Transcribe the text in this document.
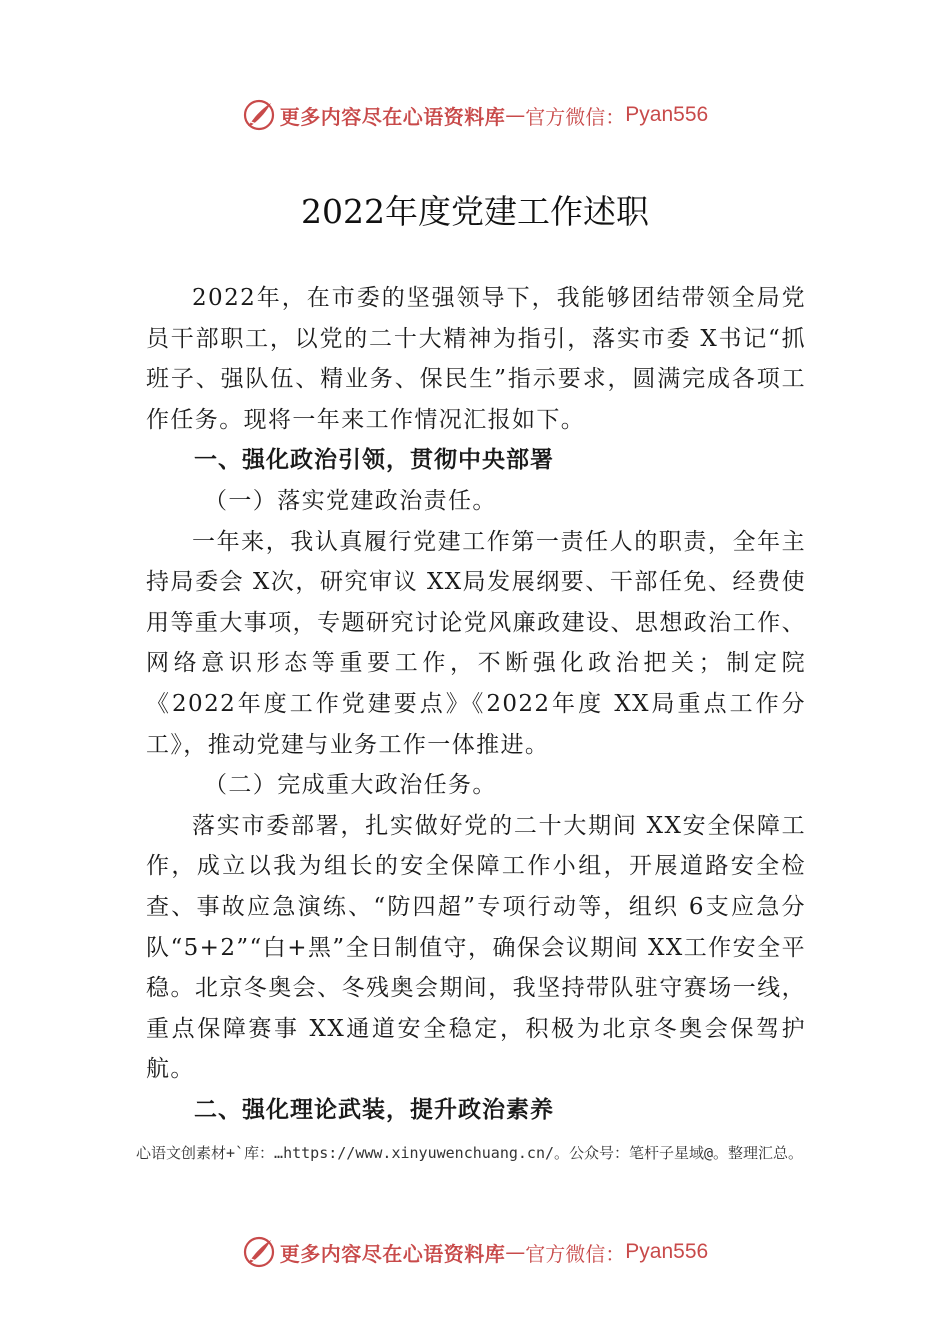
更多内容尽在心语资料库 — 官方微信： Pyan556
2022年度党建工作述职

2022年，在市委的坚强领导下，我能够团结带领全局党员干部职工，以党的二十大精神为指引，落实市委 X书记“抓班子、强队伍、精业务、保民生”指示要求，圆满完成各项工作任务。现将一年来工作情况汇报如下。

一、强化政治引领，贯彻中央部署

（一）落实党建政治责任。

一年来，我认真履行党建工作第一责任人的职责，全年主持局委会 X次，研究审议 XX局发展纲要、干部任免、经费使用等重大事项，专题研究讨论党风廉政建设、思想政治工作、网络意识形态等重要工作，不断强化政治把关；制定院《2022年度工作党建要点》《2022年度 XX局重点工作分工》，推动党建与业务工作一体推进。

（二）完成重大政治任务。

落实市委部署，扎实做好党的二十大期间 XX安全保障工作，成立以我为组长的安全保障工作小组，开展道路安全检查、事故应急演练、“防四超”专项行动等，组织 6支应急分队“5+2”“白+黑”全日制值守，确保会议期间 XX工作安全平稳。北京冬奥会、冬残奥会期间，我坚持带队驻守赛场一线，重点保障赛事 XX通道安全稳定，积极为北京冬奥会保驾护航。

二、强化理论武装，提升政治素养

心语文创素材+`库：…https://www.xinyuwenchuang.cn/。公众号：笔杆子星域@。整理汇总。
更多内容尽在心语资料库 — 官方微信： Pyan556
